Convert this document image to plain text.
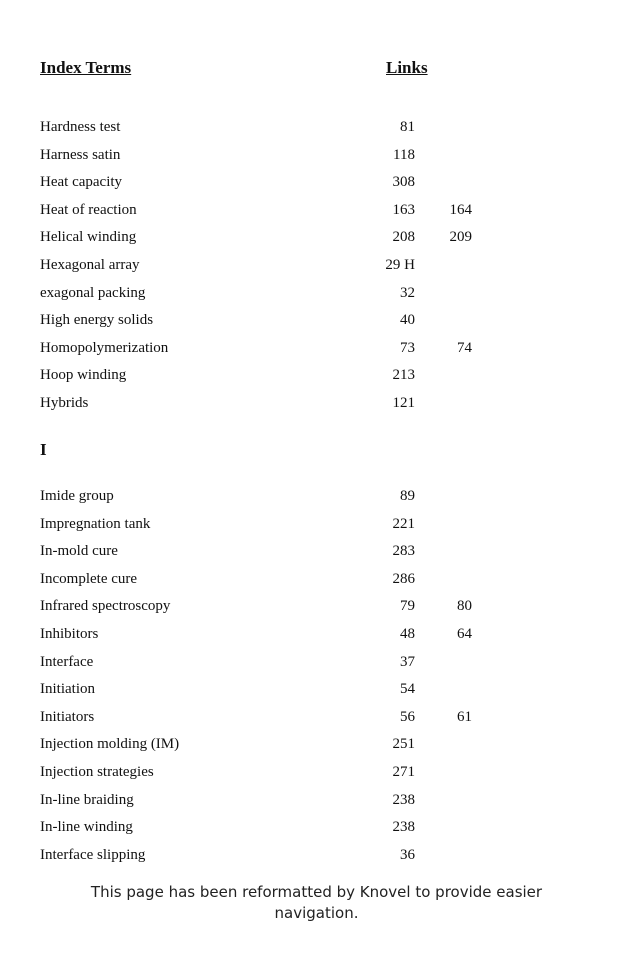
Index Terms	Links
Hardness test	81
Harness satin	118
Heat capacity	308
Heat of reaction	163 164
Helical winding	208 209
Hexagonal array	29 H
exagonal packing	32
High energy solids	40
Homopolymerization	73	74
Hoop winding	213
Hybrids	121
I
Imide group	89
Impregnation tank	221
In-mold cure	283
Incomplete cure	286
Infrared spectroscopy	79	80
Inhibitors	48	64
Interface	37
Initiation	54
Initiators	56	61
Injection molding (IM)	251
Injection strategies	271
In-line braiding	238
In-line winding	238
Interface slipping	36
This page has been reformatted by Knovel to provide easier
navigation.
